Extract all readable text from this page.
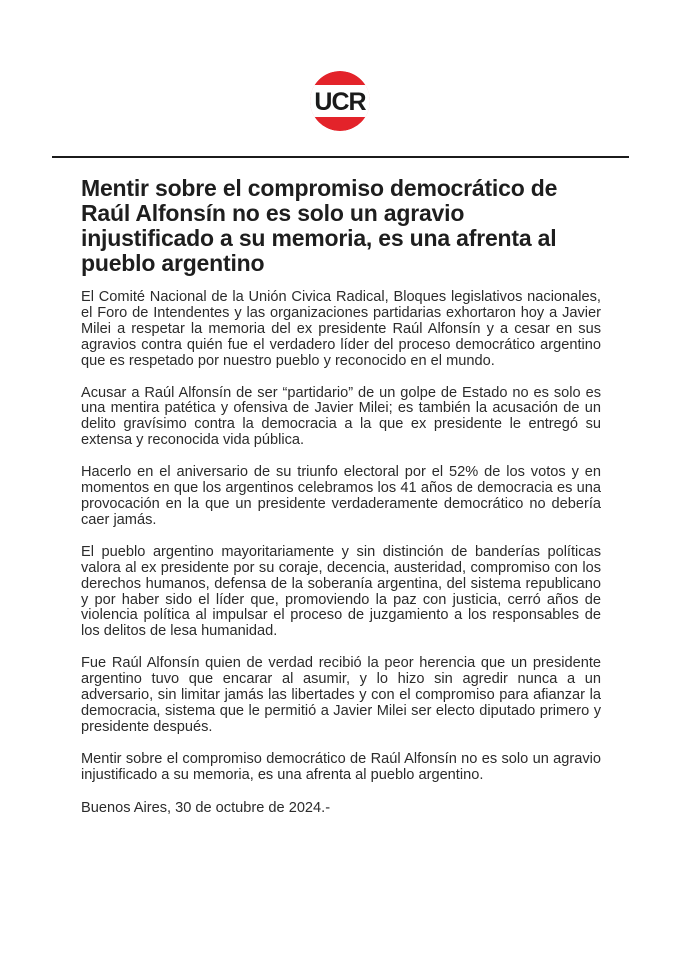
UCR
Mentir sobre el compromiso democrático de Raúl Alfonsín no es solo un agravio injustificado a su memoria, es una afrenta al pueblo argentino

El Comité Nacional de la Unión Civica Radical, Bloques legislativos nacionales, el Foro de Intendentes y las organizaciones partidarias exhortaron hoy a Javier Milei a respetar la memoria del ex presidente Raúl Alfonsín y a cesar en sus agravios contra quién fue el verdadero líder del proceso democrático argentino que es respetado por nuestro pueblo y reconocido en el mundo.

Acusar a Raúl Alfonsín de ser “partidario” de un golpe de Estado no es solo es una mentira patética y ofensiva de Javier Milei; es también la acusación de un delito gravísimo contra la democracia a la que ex presidente le entregó su extensa y reconocida vida pública.

Hacerlo en el aniversario de su triunfo electoral por el 52% de los votos y en momentos en que los argentinos celebramos los 41 años de democracia es una provocación en la que un presidente verdaderamente democrático no debería caer jamás.

El pueblo argentino mayoritariamente y sin distinción de banderías políticas valora al ex presidente por su coraje, decencia, austeridad, compromiso con los derechos humanos, defensa de la soberanía argentina, del sistema republicano y por haber sido el líder que, promoviendo la paz con justicia, cerró años de violencia política al impulsar el proceso de juzgamiento a los responsables de los delitos de lesa humanidad.

Fue Raúl Alfonsín quien de verdad recibió la peor herencia que un presidente argentino tuvo que encarar al asumir, y lo hizo sin agredir nunca a un adversario, sin limitar jamás las libertades y con el compromiso para afianzar la democracia, sistema que le permitió a Javier Milei ser electo diputado primero y presidente después.

Mentir sobre el compromiso democrático de Raúl Alfonsín no es solo un agravio injustificado a su memoria, es una afrenta al pueblo argentino.

Buenos Aires, 30 de octubre de 2024.-
